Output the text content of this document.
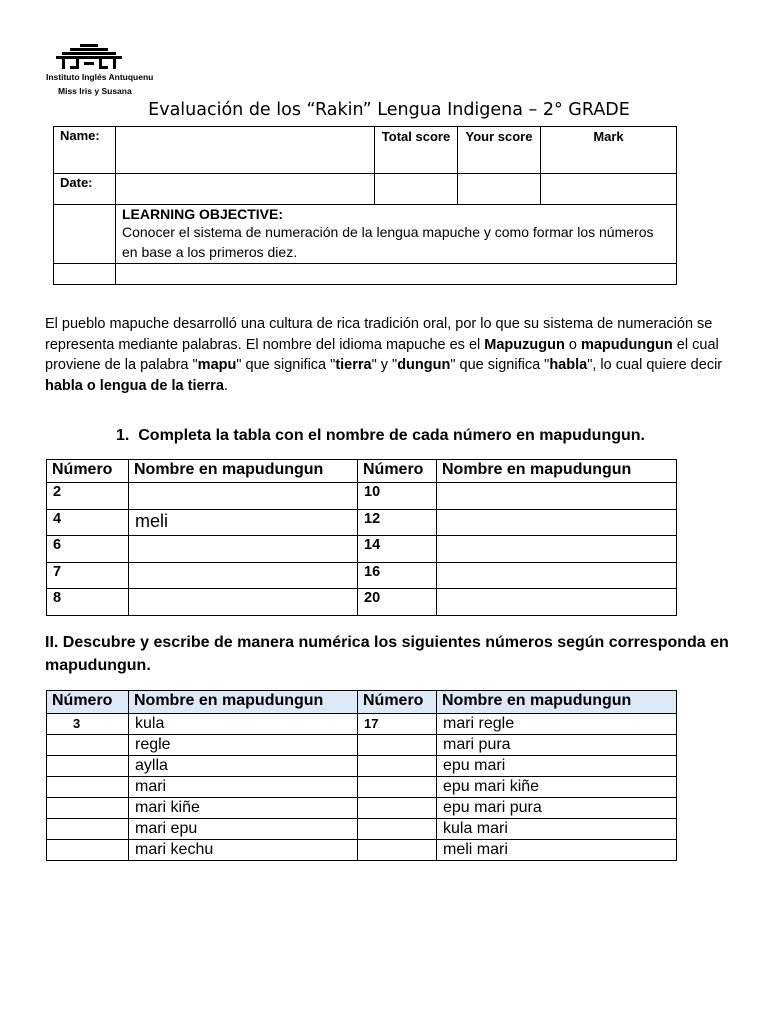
Instituto Inglés Antuquenu
Miss Iris y Susana
Evaluación de los “Rakin” Lengua Indigena – 2° GRADE
Name:		Total score	Your score	Mark
Date:				

	LEARNING OBJECTIVE:
Conocer el sistema de numeración de la lengua mapuche y como formar los números en base a los primeros diez.			

El pueblo mapuche desarrolló una cultura de rica tradición oral, por lo que su sistema de numeración se representa mediante palabras. El nombre del idioma mapuche es el Mapuzugun o mapudungun el cual proviene de la palabra "mapu" que significa "tierra" y "dungun" que significa "habla", lo cual quiere decir habla o lengua de la tierra.
1. Completa la tabla con el nombre de cada número en mapudungun.
Número	Nombre en mapudungun	Número	Nombre en mapudungun
2		10	
4	meli	12	
6		14	
7		16	
8		20	
II. Descubre y escribe de manera numérica los siguientes números según corresponda en mapudungun.
Número	Nombre en mapudungun	Número	Nombre en mapudungun
3	kula	17	mari regle
	regle		mari pura
	aylla		epu mari
	mari		epu mari kiñe
	mari kiñe		epu mari pura
	mari epu		kula mari
	mari kechu		meli mari
